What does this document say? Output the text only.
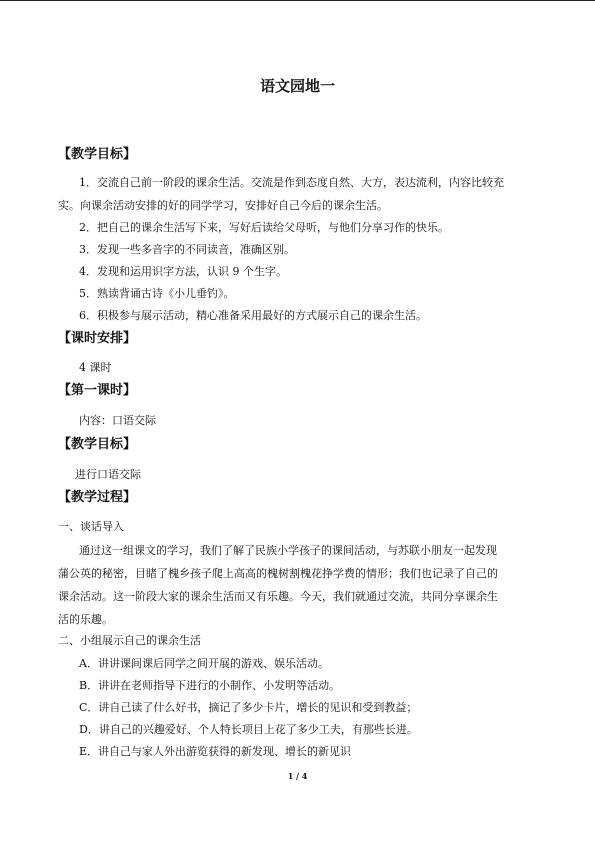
语文园地一
【教学目标】
1．交流自己前一阶段的课余生活。交流是作到态度自然、大方，表达流利，内容比较充
实。向课余活动安排的好的同学学习，安排好自己今后的课余生活。
2．把自己的课余生活写下来，写好后读给父母听，与他们分享习作的快乐。
3．发现一些多音字的不同读音，准确区别。
4．发现和运用识字方法，认识 9 个生字。
5．熟读背诵古诗《小儿垂钓》。
6．积极参与展示活动，精心准备采用最好的方式展示自己的课余生活。
【课时安排】
4 课时
【第一课时】
内容：口语交际
【教学目标】
进行口语交际
【教学过程】
一、谈话导入
通过这一组课文的学习，我们了解了民族小学孩子的课间活动，与苏联小朋友一起发现
蒲公英的秘密，目睹了槐乡孩子爬上高高的槐树割槐花挣学费的情形；我们也记录了自己的
课余活动。这一阶段大家的课余生活而又有乐趣。今天，我们就通过交流，共同分享课余生
活的乐趣。
二、小组展示自己的课余生活
A．讲讲课间课后同学之间开展的游戏、娱乐活动。
B．讲讲在老师指导下进行的小制作、小发明等活动。
C．讲自己读了什么好书，摘记了多少卡片，增长的见识和受到教益；
D．讲自己的兴趣爱好、个人特长项目上花了多少工夫，有那些长进。
E．讲自己与家人外出游览获得的新发现、增长的新见识
1 / 4
